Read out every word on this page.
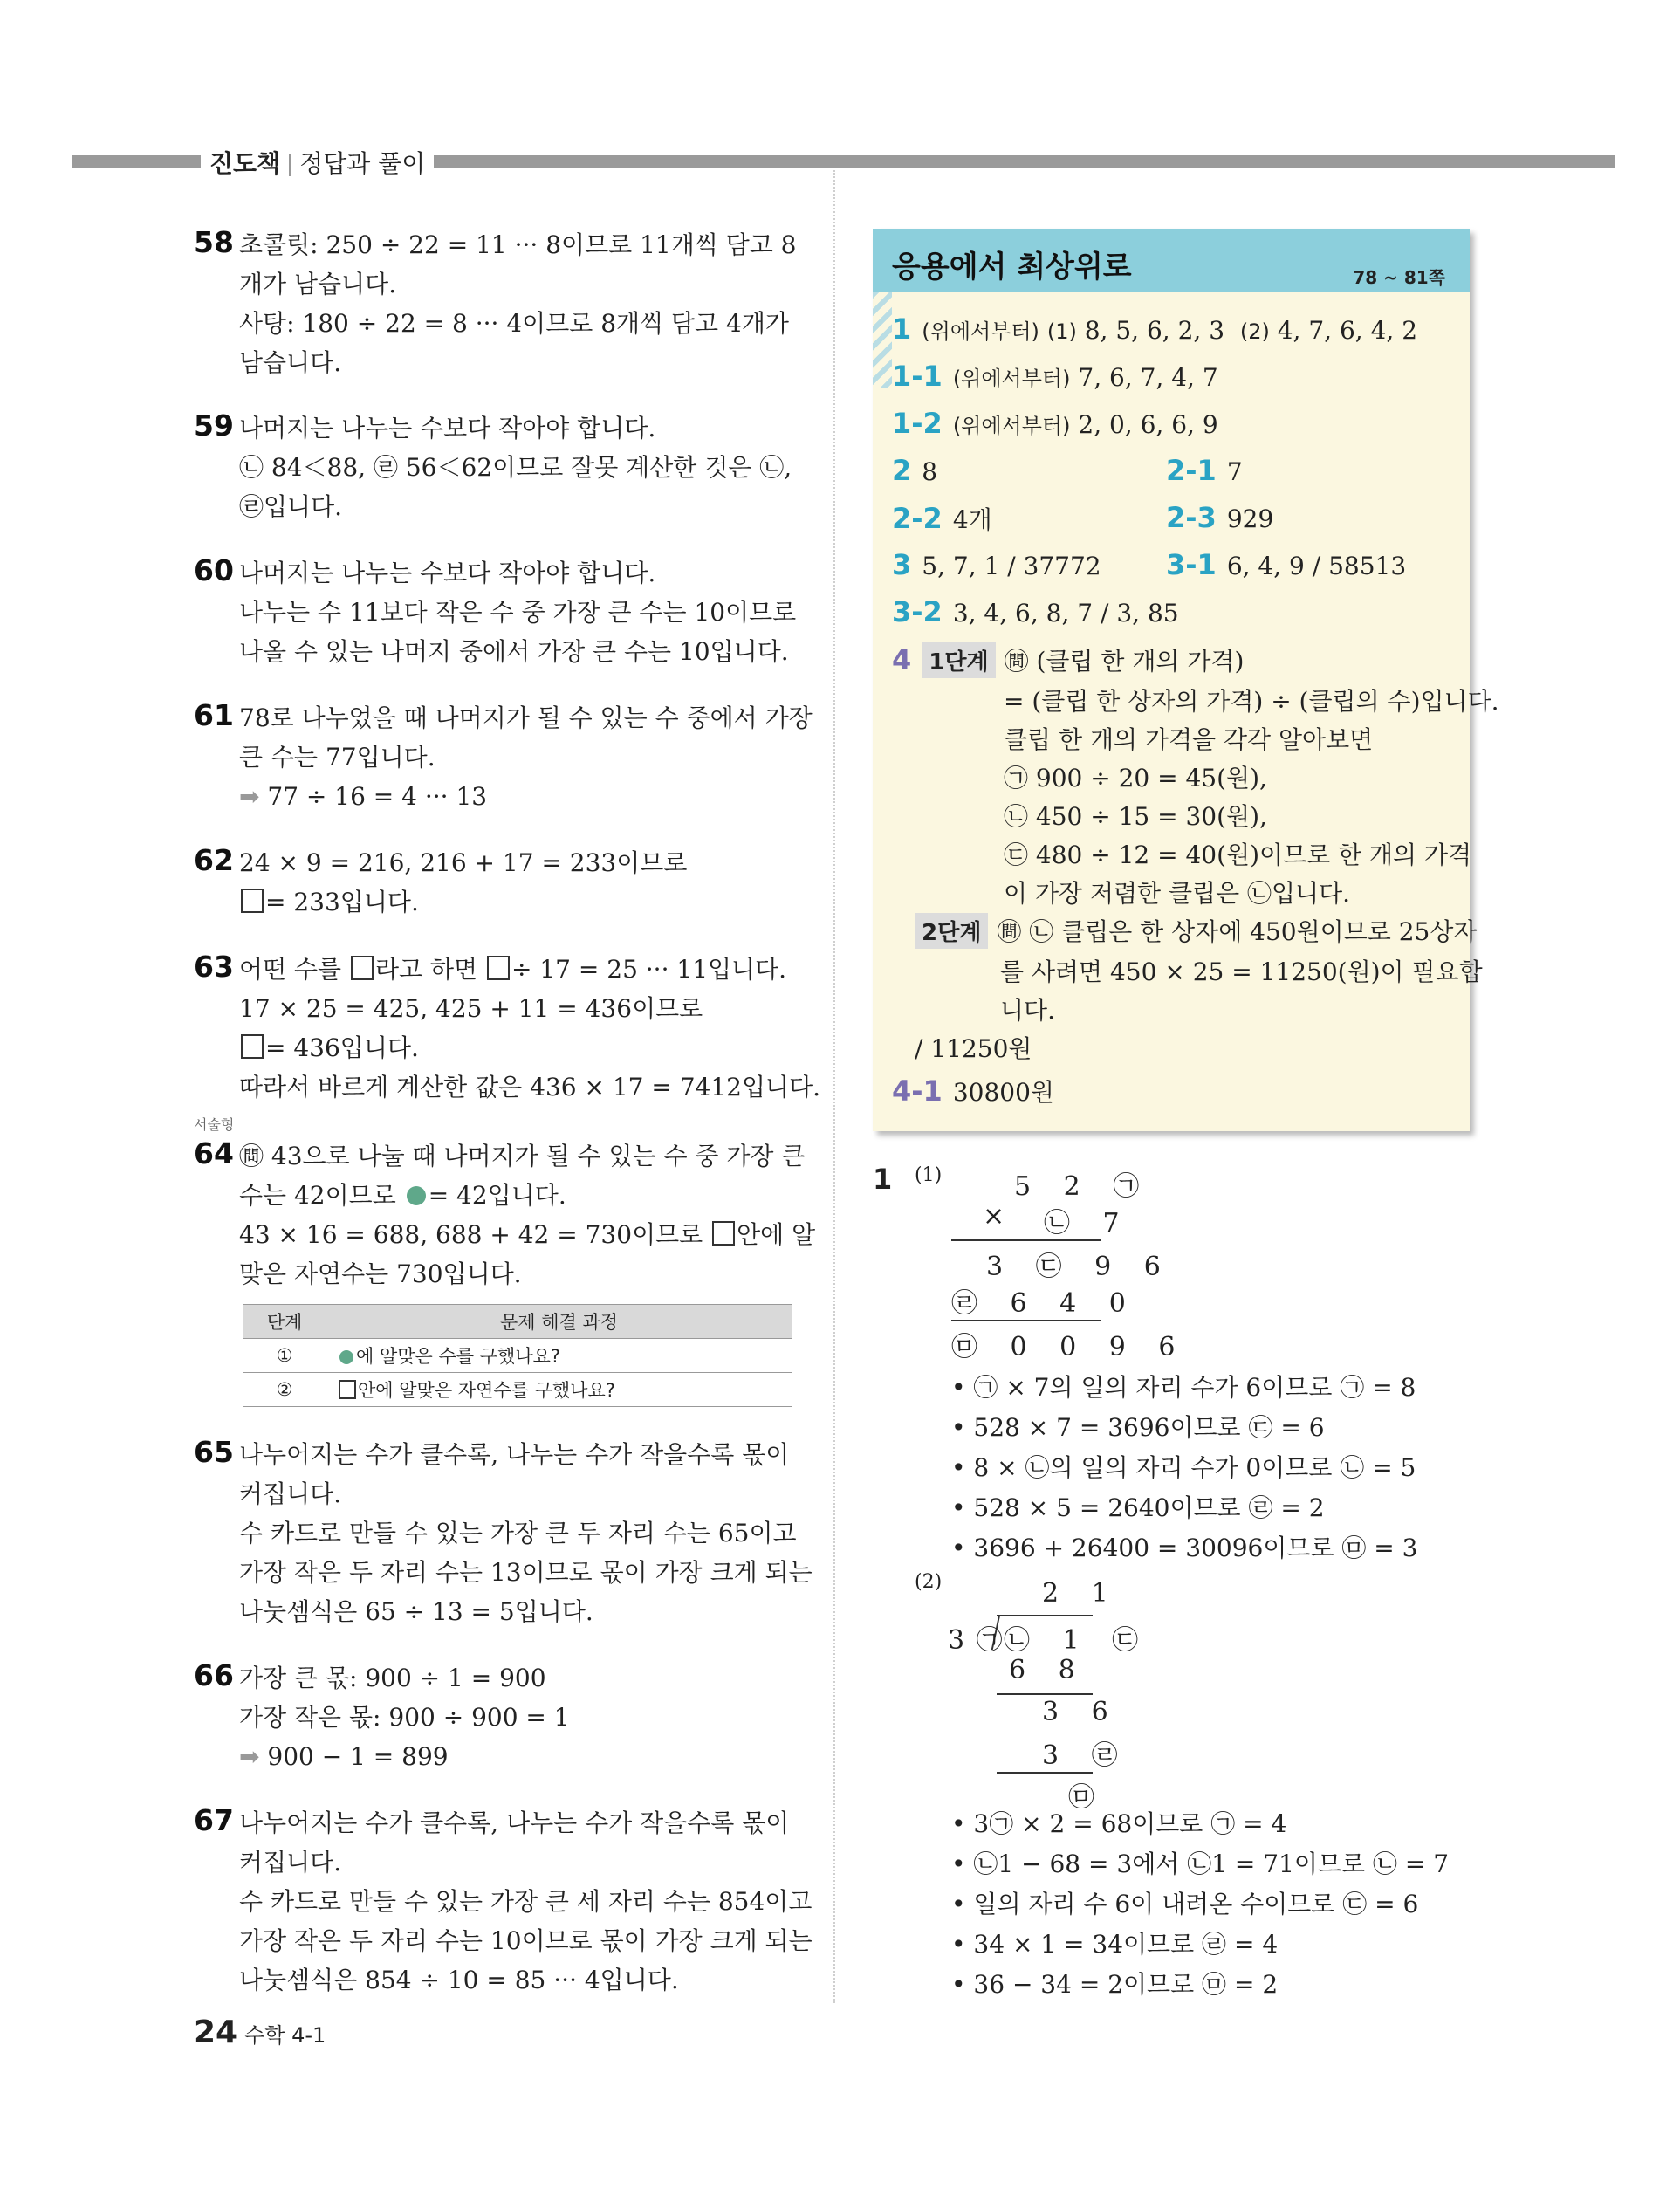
진도책 정답과 풀이
58 초콜릿: 250 ÷ 22 = 11 ··· 8이므로 11개씩 담고 8
개가 남습니다.
사탕: 180 ÷ 22 = 8 ··· 4이므로 8개씩 담고 4개가
남습니다.
59 나머지는 나누는 수보다 작아야 합니다.
㉡ 84＜88, ㉣ 56＜62이므로 잘못 계산한 것은 ㉡,
㉣입니다.
60 나머지는 나누는 수보다 작아야 합니다.
나누는 수 11보다 작은 수 중 가장 큰 수는 10이므로
나올 수 있는 나머지 중에서 가장 큰 수는 10입니다.
61 78로 나누었을 때 나머지가 될 수 있는 수 중에서 가장
큰 수는 77입니다.
➡ 77 ÷ 16 = 4 ··· 13
62 24 × 9 = 216, 216 + 17 = 233이므로
= 233입니다.
63 어떤 수를 라고 하면 ÷ 17 = 25 ··· 11입니다.
17 × 25 = 425, 425 + 11 = 436이므로
= 436입니다.
따라서 바르게 계산한 값은 436 × 17 = 7412입니다.
서술형
64 ㉄ 43으로 나눌 때 나머지가 될 수 있는 수 중 가장 큰
수는 42이므로 = 42입니다.
43 × 16 = 688, 688 + 42 = 730이므로 안에 알
맞은 자연수는 730입니다.
단계	문제 해결 과정
①	에 알맞은 수를 구했나요?
②	안에 알맞은 자연수를 구했나요?
65 나누어지는 수가 클수록, 나누는 수가 작을수록 몫이
커집니다.
수 카드로 만들 수 있는 가장 큰 두 자리 수는 65이고
가장 작은 두 자리 수는 13이므로 몫이 가장 크게 되는
나눗셈식은 65 ÷ 13 = 5입니다.
66 가장 큰 몫: 900 ÷ 1 = 900
가장 작은 몫: 900 ÷ 900 = 1
➡ 900 − 1 = 899
67 나누어지는 수가 클수록, 나누는 수가 작을수록 몫이
커집니다.
수 카드로 만들 수 있는 가장 큰 세 자리 수는 854이고
가장 작은 두 자리 수는 10이므로 몫이 가장 크게 되는
나눗셈식은 854 ÷ 10 = 85 ··· 4입니다.
24 수학 4-1
응용에서 최상위로	78 ~ 81쪽
1 (위에서부터) (1) 8, 5, 6, 2, 3 (2) 4, 7, 6, 4, 2
1-1 (위에서부터) 7, 6, 7, 4, 7
1-2 (위에서부터) 2, 0, 6, 6, 9
2 8	2-1 7
2-2 4개	2-3 929
3 5, 7, 1 / 37772 3-1 6, 4, 9 / 58513
3-2 3, 4, 6, 8, 7 / 3, 85
4 1단계 ㉄ (클립 한 개의 가격)
= (클립 한 상자의 가격) ÷ (클립의 수)입니다.
클립 한 개의 가격을 각각 알아보면
㉠ 900 ÷ 20 = 45(원),
㉡ 450 ÷ 15 = 30(원),
㉢ 480 ÷ 12 = 40(원)이므로 한 개의 가격
이 가장 저렴한 클립은 ㉡입니다.
2단계 ㉄ ㉡ 클립은 한 상자에 450원이므로 25상자
를 사려면 450 × 25 = 11250(원)이 필요합
니다.
/ 11250원
4-1 30800원
1 (1)	5 2 ㉠
× ㉡ 7
3 ㉢ 9 6
㉣ 6 4 0
㉤ 0 0 9 6
• ㉠ × 7의 일의 자리 수가 6이므로 ㉠ = 8
• 528 × 7 = 3696이므로 ㉢ = 6
• 8 × ㉡의 일의 자리 수가 0이므로 ㉡ = 5
• 528 × 5 = 2640이므로 ㉣ = 2
• 3696 + 26400 = 30096이므로 ㉤ = 3
(2)	2 1
3 ㉠ ㉡ 1 ㉢
6 8
3 6
3 ㉣
㉤
• 3㉠ × 2 = 68이므로 ㉠ = 4
• ㉡1 − 68 = 3에서 ㉡1 = 71이므로 ㉡ = 7
• 일의 자리 수 6이 내려온 수이므로 ㉢ = 6
• 34 × 1 = 34이므로 ㉣ = 4
• 36 − 34 = 2이므로 ㉤ = 2
